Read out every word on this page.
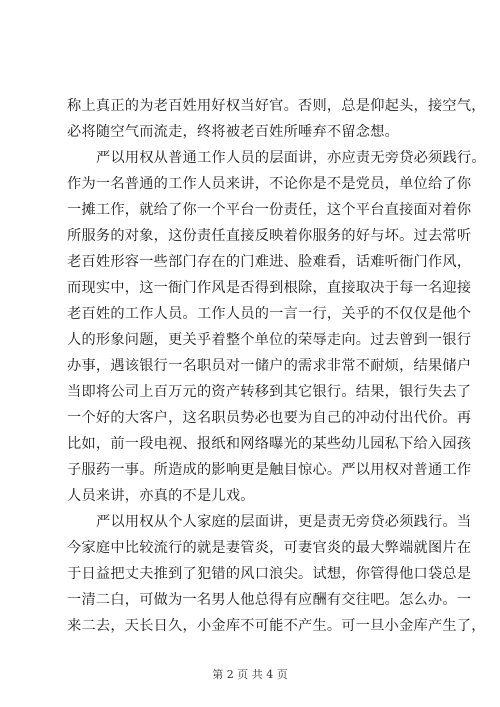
称上真正的为老百姓用好权当好官。否则，总是仰起头，接空气，
必将随空气而流走，终将被老百姓所唾弃不留念想。
严以用权从普通工作人员的层面讲，亦应责无旁贷必须践行。
作为一名普通的工作人员来讲，不论你是不是党员，单位给了你
一摊工作，就给了你一个平台一份责任，这个平台直接面对着你
所服务的对象，这份责任直接反映着你服务的好与坏。过去常听
老百姓形容一些部门存在的门难进、脸难看，话难听衙门作风，
而现实中，这一衙门作风是否得到根除，直接取决于每一名迎接
老百姓的工作人员。工作人员的一言一行，关乎的不仅仅是他个
人的形象问题，更关乎着整个单位的荣辱走向。过去曾到一银行
办事，遇该银行一名职员对一储户的需求非常不耐烦，结果储户
当即将公司上百万元的资产转移到其它银行。结果，银行失去了
一个好的大客户，这名职员势必也要为自己的冲动付出代价。再
比如，前一段电视、报纸和网络曝光的某些幼儿园私下给入园孩
子服药一事。所造成的影响更是触目惊心。严以用权对普通工作
人员来讲，亦真的不是儿戏。
严以用权从个人家庭的层面讲，更是责无旁贷必须践行。当
今家庭中比较流行的就是妻管炎，可妻官炎的最大弊端就图片在
于日益把丈夫推到了犯错的风口浪尖。试想，你管得他口袋总是
一清二白，可做为一名男人他总得有应酬有交往吧。怎么办。一
来二去，天长日久，小金库不可能不产生。可一旦小金库产生了，
第 2 页 共 4 页
